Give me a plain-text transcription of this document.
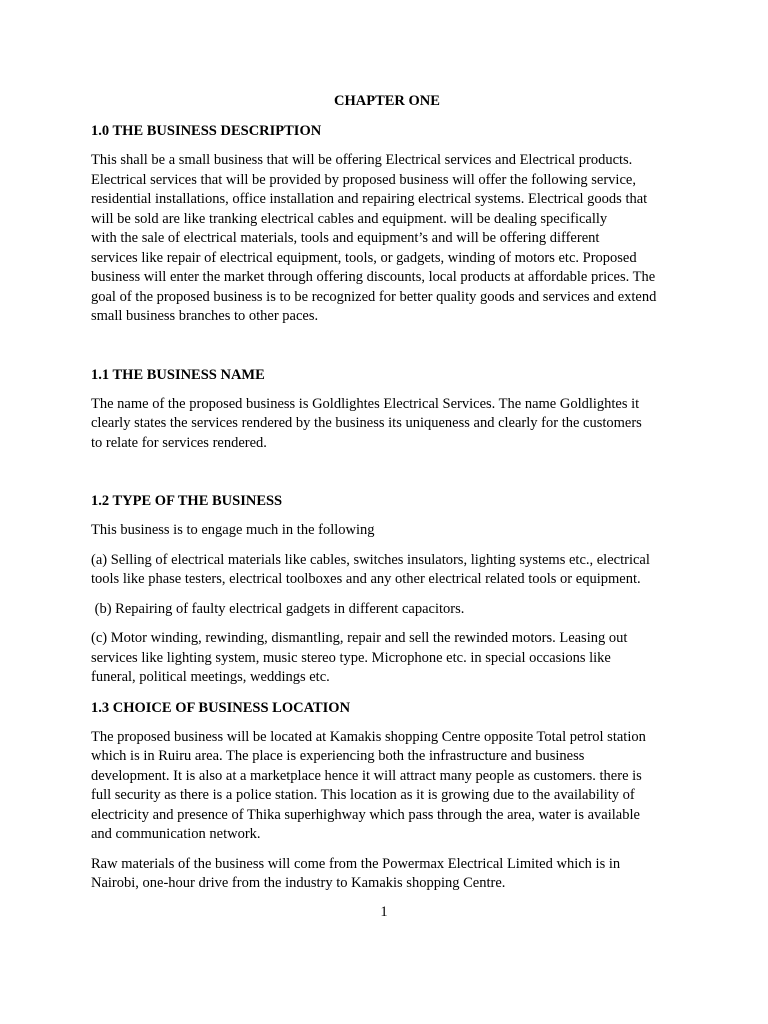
CHAPTER ONE
1.0 THE BUSINESS DESCRIPTION
This shall be a small business that will be offering Electrical services and Electrical products.
Electrical services that will be provided by proposed business will offer the following service,
residential installations, office installation and repairing electrical systems. Electrical goods that
will be sold are like tranking electrical cables and equipment. will be dealing specifically
with the sale of electrical materials, tools and equipment’s and will be offering different
services like repair of electrical equipment, tools, or gadgets, winding of motors etc. Proposed
business will enter the market through offering discounts, local products at affordable prices. The
goal of the proposed business is to be recognized for better quality goods and services and extend
small business branches to other paces.
1.1 THE BUSINESS NAME
The name of the proposed business is Goldlightes Electrical Services. The name Goldlightes it
clearly states the services rendered by the business its uniqueness and clearly for the customers
to relate for services rendered.
1.2 TYPE OF THE BUSINESS
This business is to engage much in the following
(a) Selling of electrical materials like cables, switches insulators, lighting systems etc., electrical
tools like phase testers, electrical toolboxes and any other electrical related tools or equipment.
(b) Repairing of faulty electrical gadgets in different capacitors.
(c) Motor winding, rewinding, dismantling, repair and sell the rewinded motors. Leasing out
services like lighting system, music stereo type. Microphone etc. in special occasions like
funeral, political meetings, weddings etc.
1.3 CHOICE OF BUSINESS LOCATION
The proposed business will be located at Kamakis shopping Centre opposite Total petrol station
which is in Ruiru area. The place is experiencing both the infrastructure and business
development. It is also at a marketplace hence it will attract many people as customers. there is
full security as there is a police station. This location as it is growing due to the availability of
electricity and presence of Thika superhighway which pass through the area, water is available
and communication network.
Raw materials of the business will come from the Powermax Electrical Limited which is in
Nairobi, one-hour drive from the industry to Kamakis shopping Centre.
1
